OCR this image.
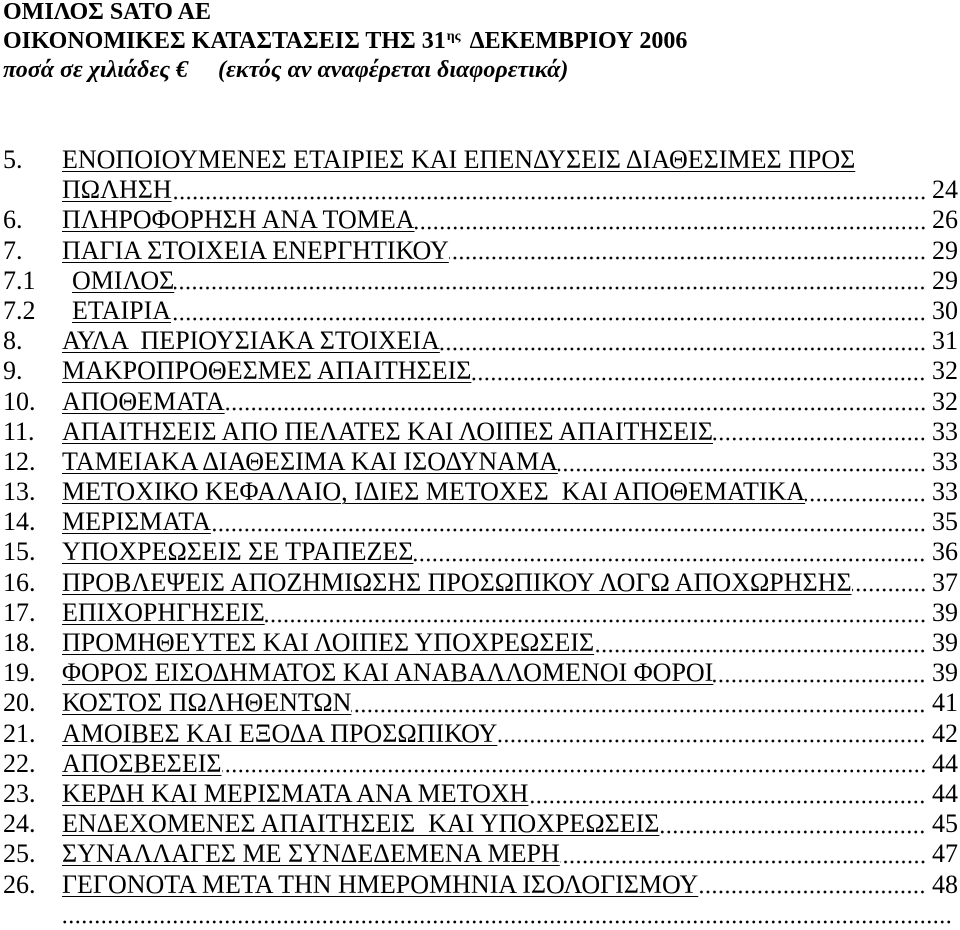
ΟΜΙΛΟΣ SATO AE
ΟΙΚΟΝΟΜΙΚΕΣ ΚΑΤΑΣΤΑΣΕΙΣ ΤΗΣ $31^{\eta\varsigma}$ ΔΕΚΕΜΒΡΙΟΥ 2006
ποσά σε χιλιάδες € (εκτός αν αναφέρεται διαφορετικά)
5.	ΕΝΟΠΟΙΟΥΜΕΝΕΣ ΕΤΑΙΡΙΕΣ ΚΑΙ ΕΠΕΝΔΥΣΕΙΣ ΔΙΑΘΕΣΙΜΕΣ ΠΡΟΣ
ΠΩΛΗΣΗ	24
6.	ΠΛΗΡΟΦΟΡΗΣΗ ΑΝΑ ΤΟΜΕΑ	26
7.	ΠΑΓΙΑ ΣΤΟΙΧΕΙΑ ΕΝΕΡΓΗΤΙΚΟΥ	29
7.1	ΟΜΙΛΟΣ	29
7.2	ΕΤΑΙΡΙΑ	30
8.	ΑΥΛΑ  ΠΕΡΙΟΥΣΙΑΚΑ ΣΤΟΙΧΕΙΑ	31
9.	ΜΑΚΡΟΠΡΟΘΕΣΜΕΣ ΑΠΑΙΤΗΣΕΙΣ	32
10.	ΑΠΟΘΕΜΑΤΑ	32
11.	ΑΠΑΙΤΗΣΕΙΣ ΑΠΟ ΠΕΛΑΤΕΣ ΚΑΙ ΛΟΙΠΕΣ ΑΠΑΙΤΗΣΕΙΣ	33
12.	ΤΑΜΕΙΑΚΑ ΔΙΑΘΕΣΙΜΑ ΚΑΙ ΙΣΟΔΥΝΑΜΑ	33
13.	ΜΕΤΟΧΙΚΟ ΚΕΦΑΛΑΙΟ, ΙΔΙΕΣ ΜΕΤΟΧΕΣ  ΚΑΙ ΑΠΟΘΕΜΑΤΙΚΑ	33
14.	ΜΕΡΙΣΜΑΤΑ	35
15.	ΥΠΟΧΡΕΩΣΕΙΣ ΣΕ ΤΡΑΠΕΖΕΣ	36
16.	ΠΡΟΒΛΕΨΕΙΣ ΑΠΟΖΗΜΙΩΣΗΣ ΠΡΟΣΩΠΙΚΟΥ ΛΟΓΩ ΑΠΟΧΩΡΗΣΗΣ	37
17.	ΕΠΙΧΟΡΗΓΗΣΕΙΣ	39
18.	ΠΡΟΜΗΘΕΥΤΕΣ ΚΑΙ ΛΟΙΠΕΣ ΥΠΟΧΡΕΩΣΕΙΣ	39
19.	ΦΟΡΟΣ ΕΙΣΟΔΗΜΑΤΟΣ ΚΑΙ ΑΝΑΒΑΛΛΟΜΕΝΟΙ ΦΟΡΟΙ	39
20.	ΚΟΣΤΟΣ ΠΩΛΗΘΕΝΤΩΝ	41
21.	ΑΜΟΙΒΕΣ ΚΑΙ ΕΞΟΔΑ ΠΡΟΣΩΠΙΚΟΥ	42
22.	ΑΠΟΣΒΕΣΕΙΣ	44
23.	ΚΕΡΔΗ ΚΑΙ ΜΕΡΙΣΜΑΤΑ ΑΝΑ ΜΕΤΟΧΗ	44
24.	ΕΝΔΕΧΟΜΕΝΕΣ ΑΠΑΙΤΗΣΕΙΣ  ΚΑΙ ΥΠΟΧΡΕΩΣΕΙΣ	45
25.	ΣΥΝΑΛΛΑΓΕΣ ΜΕ ΣΥΝΔΕΔΕΜΕΝΑ ΜΕΡΗ	47
26.	ΓΕΓΟΝΟΤΑ ΜΕΤΑ ΤΗΝ ΗΜΕΡΟΜΗΝΙΑ ΙΣΟΛΟΓΙΣΜΟΥ	48
